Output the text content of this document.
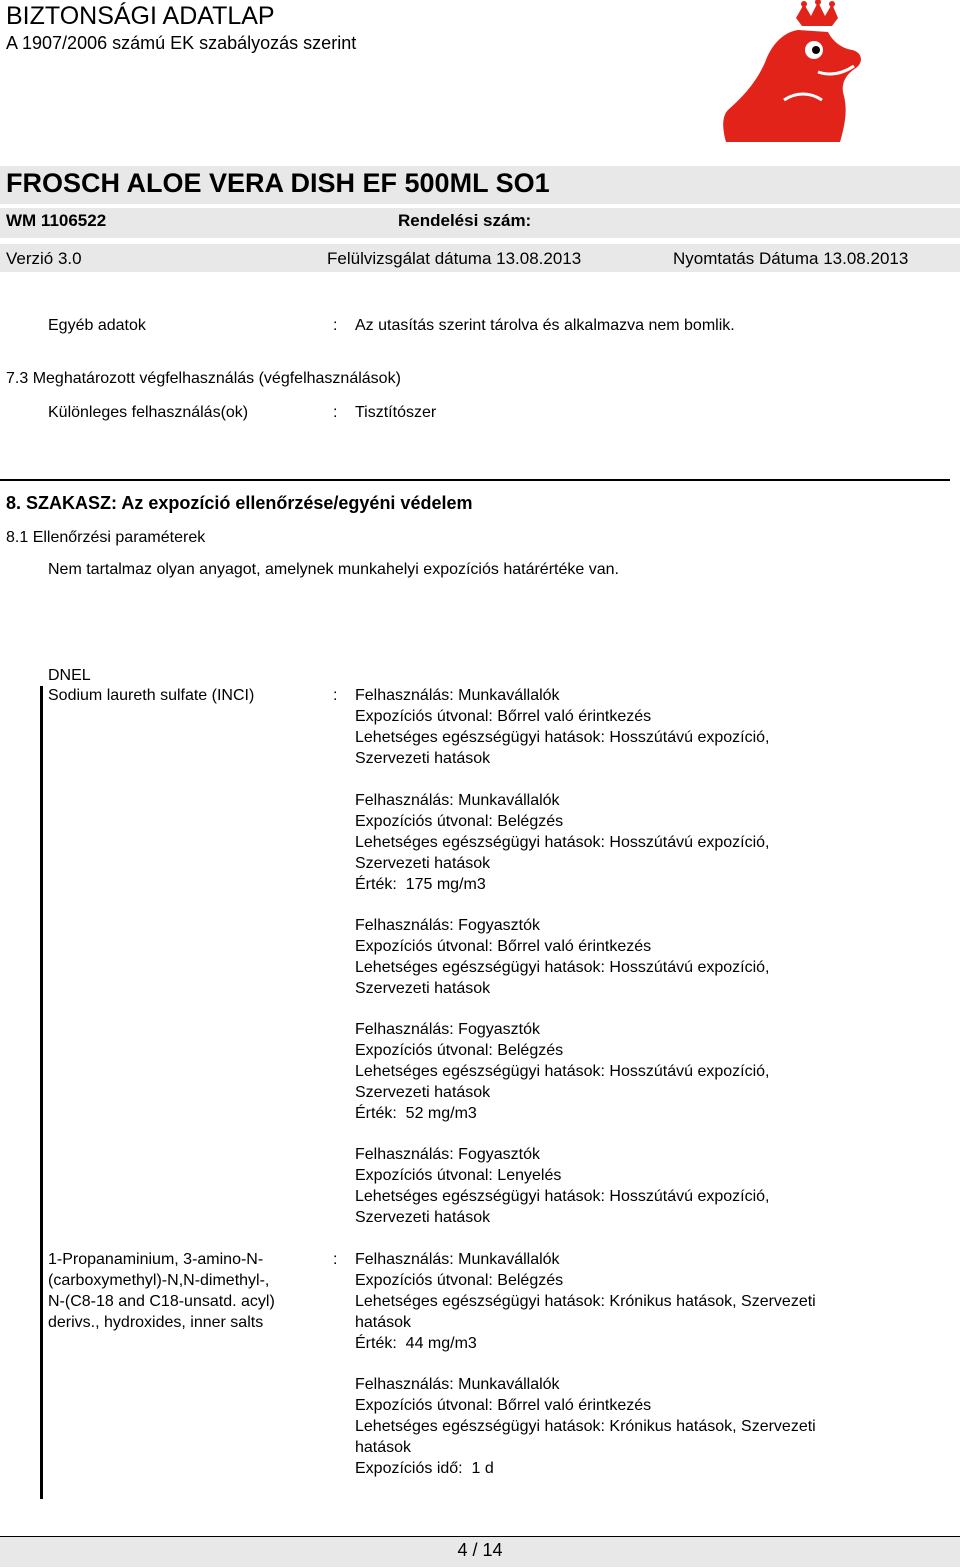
BIZTONSÁGI ADATLAP
A 1907/2006 számú EK szabályozás szerint
FROSCH ALOE VERA DISH EF 500ML SO1
WM 1106522	Rendelési szám:
Verzió 3.0	Felülvizsgálat dátuma 13.08.2013	Nyomtatás Dátuma 13.08.2013
Egyéb adatok	: Az utasítás szerint tárolva és alkalmazva nem bomlik.
7.3 Meghatározott végfelhasználás (végfelhasználások)
Különleges felhasználás(ok)	: Tisztítószer
8. SZAKASZ: Az expozíció ellenőrzése/egyéni védelem
8.1 Ellenőrzési paraméterek
Nem tartalmaz olyan anyagot, amelynek munkahelyi expozíciós határértéke van.
DNEL
Sodium laureth sulfate (INCI)	: Felhasználás: Munkavállalók
Expozíciós útvonal: Bőrrel való érintkezés
Lehetséges egészségügyi hatások: Hosszútávú expozíció,
Szervezeti hatások
Felhasználás: Munkavállalók
Expozíciós útvonal: Belégzés
Lehetséges egészségügyi hatások: Hosszútávú expozíció,
Szervezeti hatások
Érték:  175 mg/m3
Felhasználás: Fogyasztók
Expozíciós útvonal: Bőrrel való érintkezés
Lehetséges egészségügyi hatások: Hosszútávú expozíció,
Szervezeti hatások
Felhasználás: Fogyasztók
Expozíciós útvonal: Belégzés
Lehetséges egészségügyi hatások: Hosszútávú expozíció,
Szervezeti hatások
Érték:  52 mg/m3
Felhasználás: Fogyasztók
Expozíciós útvonal: Lenyelés
Lehetséges egészségügyi hatások: Hosszútávú expozíció,
Szervezeti hatások
1-Propanaminium, 3-amino-N-
(carboxymethyl)-N,N-dimethyl-,
N-(C8-18 and C18-unsatd. acyl)
derivs., hydroxides, inner salts
: Felhasználás: Munkavállalók
Expozíciós útvonal: Belégzés
Lehetséges egészségügyi hatások: Krónikus hatások, Szervezeti
hatások
Érték:  44 mg/m3
Felhasználás: Munkavállalók
Expozíciós útvonal: Bőrrel való érintkezés
Lehetséges egészségügyi hatások: Krónikus hatások, Szervezeti
hatások
Expozíciós idő:  1 d
4 / 14
